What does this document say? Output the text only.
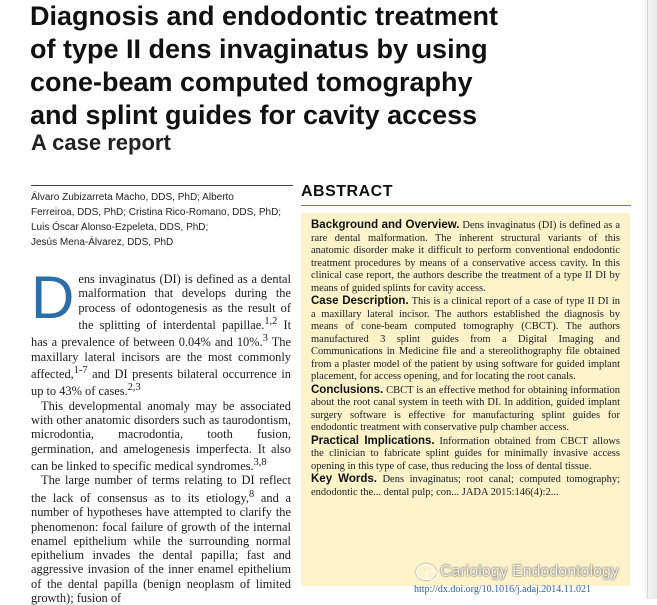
Diagnosis and endodontic treatment
of type II dens invaginatus by using
cone-beam computed tomography
and splint guides for cavity access
A case report
Álvaro Zubizarreta Macho, DDS, PhD; Alberto
Ferreiroa, DDS, PhD; Cristina Rico-Romano, DDS, PhD;
Luis Óscar Alonso-Ezpeleta, DDS, PhD;
Jesús Mena-Álvarez, DDS, PhD

Dens invaginatus (DI) is defined as a dental malformation that develops during the process of odontogenesis as the result of the splitting of interdental papillae.$^{1,2}$ It has a prevalence of between 0.04% and 10%.$^3$ The maxillary lateral incisors are the most commonly affected,$^{1-7}$ and DI presents bilateral occurrence in up to 43% of cases.$^{2,3}$

This developmental anomaly may be associated with other anatomic disorders such as taurodontism, microdontia, macrodontia, tooth fusion, germination, and amelogenesis imperfecta. It also can be linked to specific medical syndromes.$^{3,8}$

The large number of terms relating to DI reflect the lack of consensus as to its etiology,$^8$ and a number of hypotheses have attempted to clarify the phenomenon: focal failure of growth of the internal enamel epithelium while the surrounding normal epithelium invades the dental papilla; fast and aggressive invasion of the inner enamel epithelium of the dental papilla (benign neoplasm of limited growth); fusion of

ABSTRACT

Background and Overview. Dens invaginatus (DI) is defined as a rare dental malformation. The inherent structural variants of this anatomic disorder make it difficult to perform conventional endodontic treatment procedures by means of a conservative access cavity. In this clinical case report, the authors describe the treatment of a type II DI by means of guided splints for cavity access.

Case Description. This is a clinical report of a case of type II DI in a maxillary lateral incisor. The authors established the diagnosis by means of cone-beam computed tomography (CBCT). The authors manufactured 3 splint guides from a Digital Imaging and Communications in Medicine file and a stereolithography file obtained from a plaster model of the patient by using software for guided implant placement, for access opening, and for locating the root canals.

Conclusions. CBCT is an effective method for obtaining information about the root canal system in teeth with DI. In addition, guided implant surgery software is effective for manufacturing splint guides for endodontic treatment with conservative pulp chamber access.

Practical Implications. Information obtained from CBCT allows the clinician to fabricate splint guides for minimally invasive access opening in this type of case, thus reducing the loss of dental tissue.

Key Words. Dens invaginatus; root canal; computed tomography; endodontic the... dental pulp; con... JADA 2015:146(4):2...

http://dx.doi.org/10.1016/j.adaj.2014.11.021
Cariology Endodontology
